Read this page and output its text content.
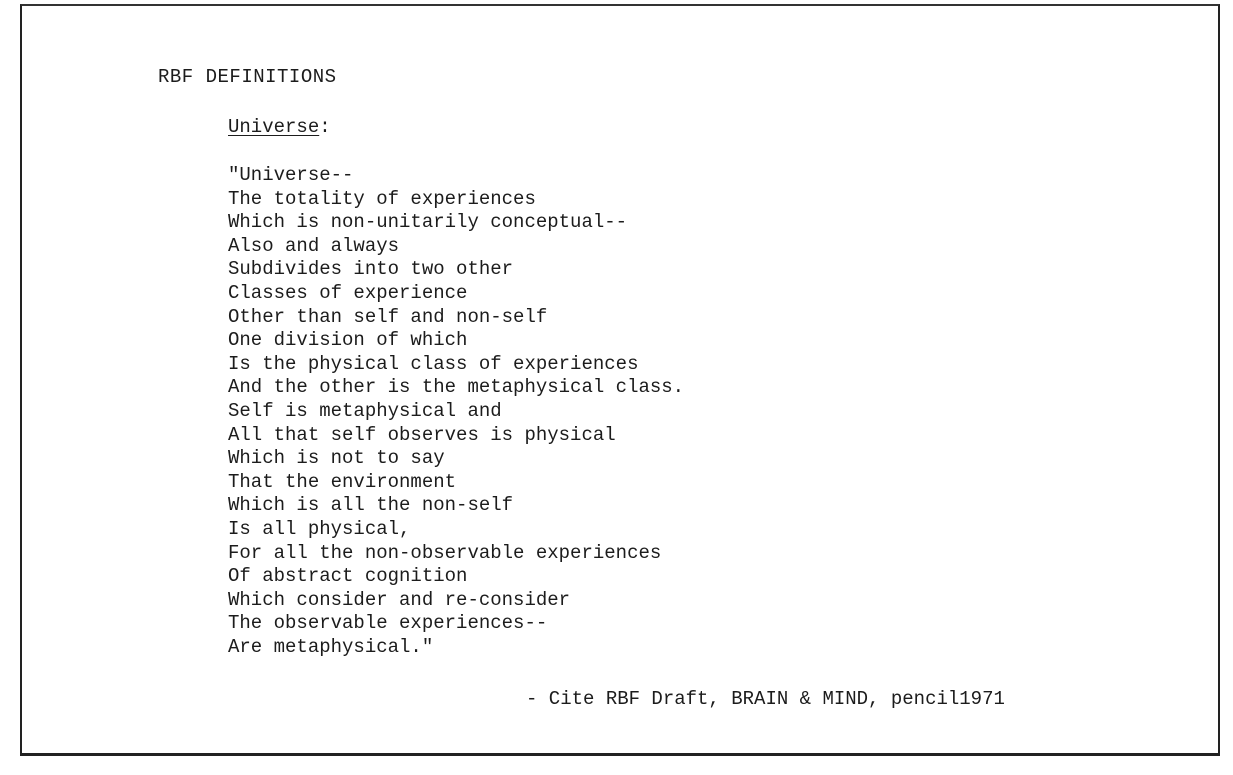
RBF DEFINITIONS
Universe:
"Universe--
The totality of experiences
Which is non-unitarily conceptual--
Also and always
Subdivides into two other
Classes of experience
Other than self and non-self
One division of which
Is the physical class of experiences
And the other is the metaphysical class.
Self is metaphysical and
All that self observes is physical
Which is not to say
That the environment
Which is all the non-self
Is all physical,
For all the non-observable experiences
Of abstract cognition
Which consider and re-consider
The observable experiences--
Are metaphysical."
- Cite RBF Draft, BRAIN & MIND, pencil1971
